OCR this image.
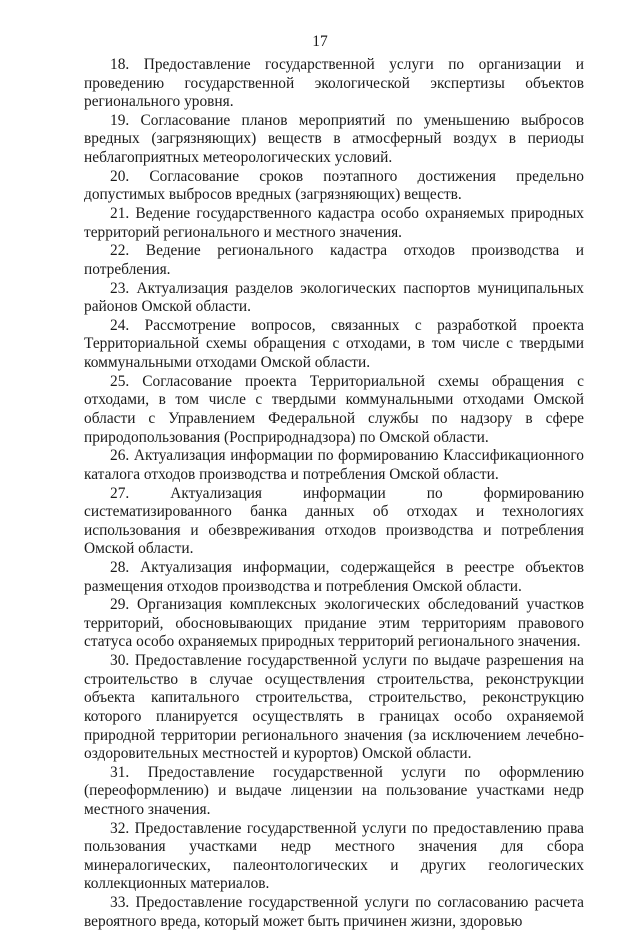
17

18. Предоставление государственной услуги по организации и проведению государственной экологической экспертизы объектов регионального уровня.

19. Согласование планов мероприятий по уменьшению выбросов вредных (загрязняющих) веществ в атмосферный воздух в периоды неблагоприятных метеорологических условий.

20. Согласование сроков поэтапного достижения предельно допустимых выбросов вредных (загрязняющих) веществ.

21. Ведение государственного кадастра особо охраняемых природных территорий регионального и местного значения.

22. Ведение регионального кадастра отходов производства и потребления.

23. Актуализация разделов экологических паспортов муниципальных районов Омской области.

24. Рассмотрение вопросов, связанных с разработкой проекта Территориальной схемы обращения с отходами, в том числе с твердыми коммунальными отходами Омской области.

25. Согласование проекта Территориальной схемы обращения с отходами, в том числе с твердыми коммунальными отходами Омской области с Управлением Федеральной службы по надзору в сфере природопользования (Росприроднадзора) по Омской области.

26. Актуализация информации по формированию Классификационного каталога отходов производства и потребления Омской области.

27. Актуализация информации по формированию систематизированного банка данных об отходах и технологиях использования и обезвреживания отходов производства и потребления Омской области.

28. Актуализация информации, содержащейся в реестре объектов размещения отходов производства и потребления Омской области.

29. Организация комплексных экологических обследований участков территорий, обосновывающих придание этим территориям правового статуса особо охраняемых природных территорий регионального значения.

30. Предоставление государственной услуги по выдаче разрешения на строительство в случае осуществления строительства, реконструкции объекта капитального строительства, строительство, реконструкцию которого планируется осуществлять в границах особо охраняемой природной территории регионального значения (за исключением лечебно-оздоровительных местностей и курортов) Омской области.

31. Предоставление государственной услуги по оформлению (переоформлению) и выдаче лицензии на пользование участками недр местного значения.

32. Предоставление государственной услуги по предоставлению права пользования участками недр местного значения для сбора минералогических, палеонтологических и других геологических коллекционных материалов.

33. Предоставление государственной услуги по согласованию расчета вероятного вреда, который может быть причинен жизни, здоровью
